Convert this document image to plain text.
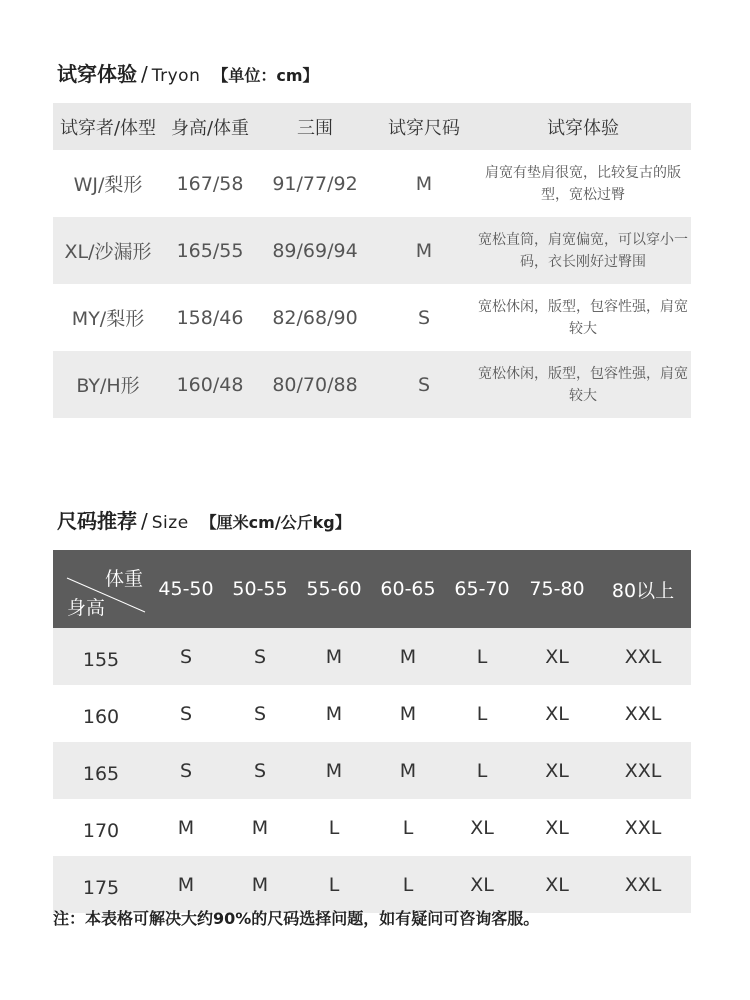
试穿体验 / Tryon 【单位：cm】
试穿者/体型	身高/体重	三围	试穿尺码	试穿体验
WJ/梨形	167/58	91/77/92	M	肩宽有垫肩很宽，比较复古的版型，宽松过臀
XL/沙漏形	165/55	89/69/94	M	宽松直筒，肩宽偏宽，可以穿小一码，衣长刚好过臀围
MY/梨形	158/46	82/68/90	S	宽松休闲，版型，包容性强，肩宽较大
BY/H形	160/48	80/70/88	S	宽松休闲，版型，包容性强，肩宽较大
尺码推荐 / Size 【厘米cm/公斤kg】
体重
身高	45-50	50-55	55-60	60-65	65-70	75-80	80以上
155	S	S	M	M	L	XL	XXL
160	S	S	M	M	L	XL	XXL
165	S	S	M	M	L	XL	XXL
170	M	M	L	L	XL	XL	XXL
175	M	M	L	L	XL	XL	XXL
注：本表格可解决大约90%的尺码选择问题，如有疑问可咨询客服。
